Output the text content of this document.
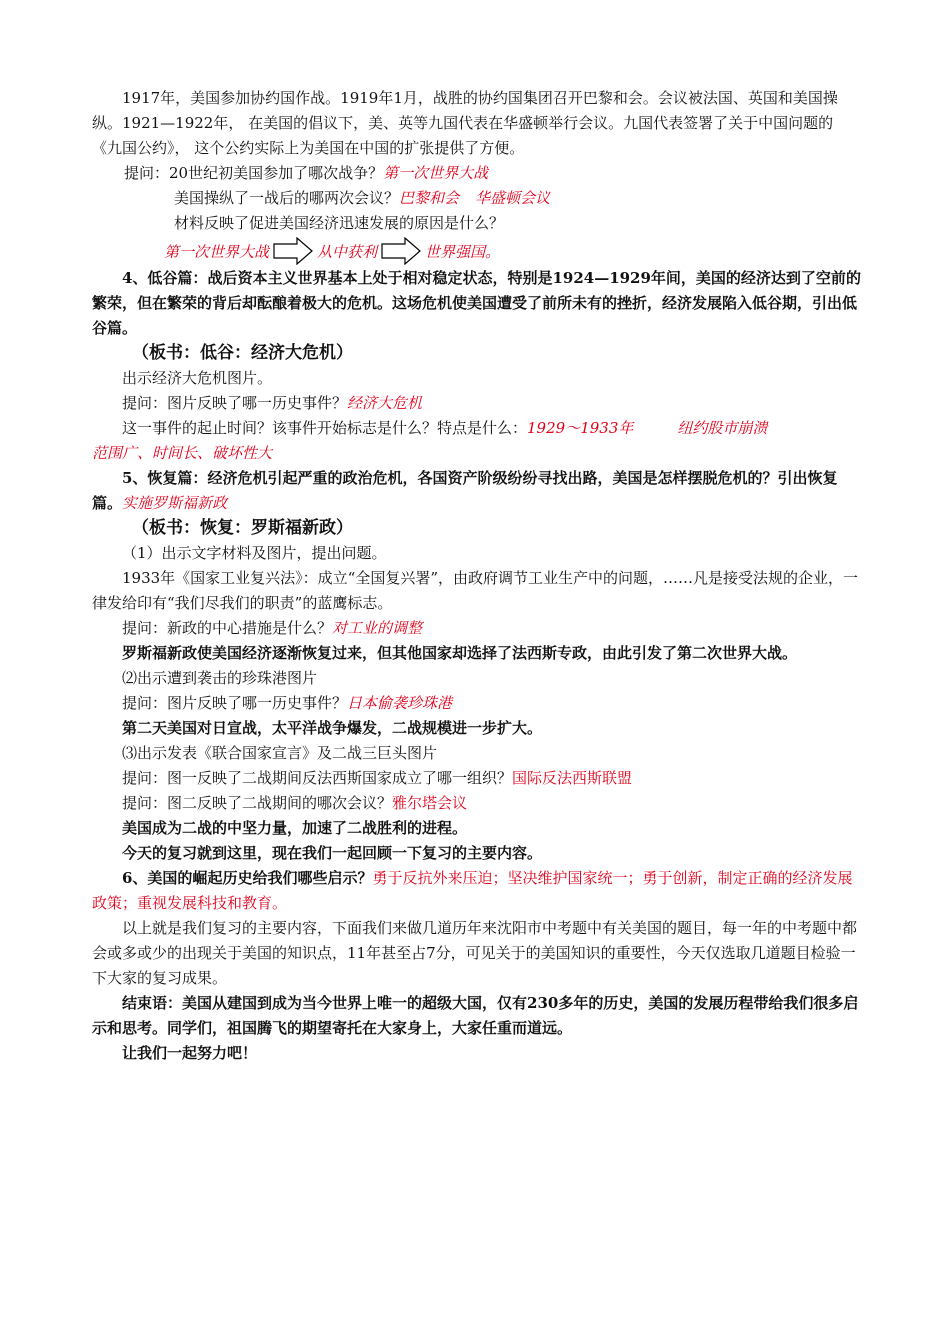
1917年，美国参加协约国作战。1919年1月，战胜的协约国集团召开巴黎和会。会议被法国、英国和美国操纵。1921—1922年， 在美国的倡议下，美、英等九国代表在华盛顿举行会议。九国代表签署了关于中国问题的《九国公约》， 这个公约实际上为美国在中国的扩张提供了方便。

提问：20世纪初美国参加了哪次战争？第一次世界大战

美国操纵了一战后的哪两次会议？巴黎和会 华盛顿会议

材料反映了促进美国经济迅速发展的原因是什么？

第一次世界大战	从中获利	世界强国。

4、低谷篇：战后资本主义世界基本上处于相对稳定状态，特别是1924—1929年间，美国的经济达到了空前的繁荣，但在繁荣的背后却酝酿着极大的危机。这场危机使美国遭受了前所未有的挫折，经济发展陷入低谷期，引出低谷篇。

（板书：低谷：经济大危机）

出示经济大危机图片。

提问：图片反映了哪一历史事件？经济大危机

这一事件的起止时间？该事件开始标志是什么？特点是什么：1929～1933年	纽约股市崩溃

范围广、时间长、破坏性大

5、恢复篇：经济危机引起严重的政治危机，各国资产阶级纷纷寻找出路，美国是怎样摆脱危机的？引出恢复篇。实施罗斯福新政

（板书：恢复：罗斯福新政）

（1）出示文字材料及图片，提出问题。

1933年《国家工业复兴法》：成立“全国复兴署”，由政府调节工业生产中的问题，……凡是接受法规的企业，一律发给印有“我们尽我们的职责”的蓝鹰标志。

提问：新政的中心措施是什么？对工业的调整

罗斯福新政使美国经济逐渐恢复过来，但其他国家却选择了法西斯专政，由此引发了第二次世界大战。

⑵出示遭到袭击的珍珠港图片

提问：图片反映了哪一历史事件？日本偷袭珍珠港

第二天美国对日宣战，太平洋战争爆发，二战规模进一步扩大。

⑶出示发表《联合国家宣言》及二战三巨头图片

提问：图一反映了二战期间反法西斯国家成立了哪一组织？国际反法西斯联盟

提问：图二反映了二战期间的哪次会议？雅尔塔会议

美国成为二战的中坚力量，加速了二战胜利的进程。

今天的复习就到这里，现在我们一起回顾一下复习的主要内容。

6、美国的崛起历史给我们哪些启示？勇于反抗外来压迫；坚决维护国家统一；勇于创新，制定正确的经济发展政策；重视发展科技和教育。

以上就是我们复习的主要内容，下面我们来做几道历年来沈阳市中考题中有关美国的题目，每一年的中考题中都会或多或少的出现关于美国的知识点，11年甚至占7分，可见关于的美国知识的重要性，今天仅选取几道题目检验一下大家的复习成果。

结束语：美国从建国到成为当今世界上唯一的超级大国，仅有230多年的历史，美国的发展历程带给我们很多启示和思考。同学们，祖国腾飞的期望寄托在大家身上，大家任重而道远。

让我们一起努力吧！
